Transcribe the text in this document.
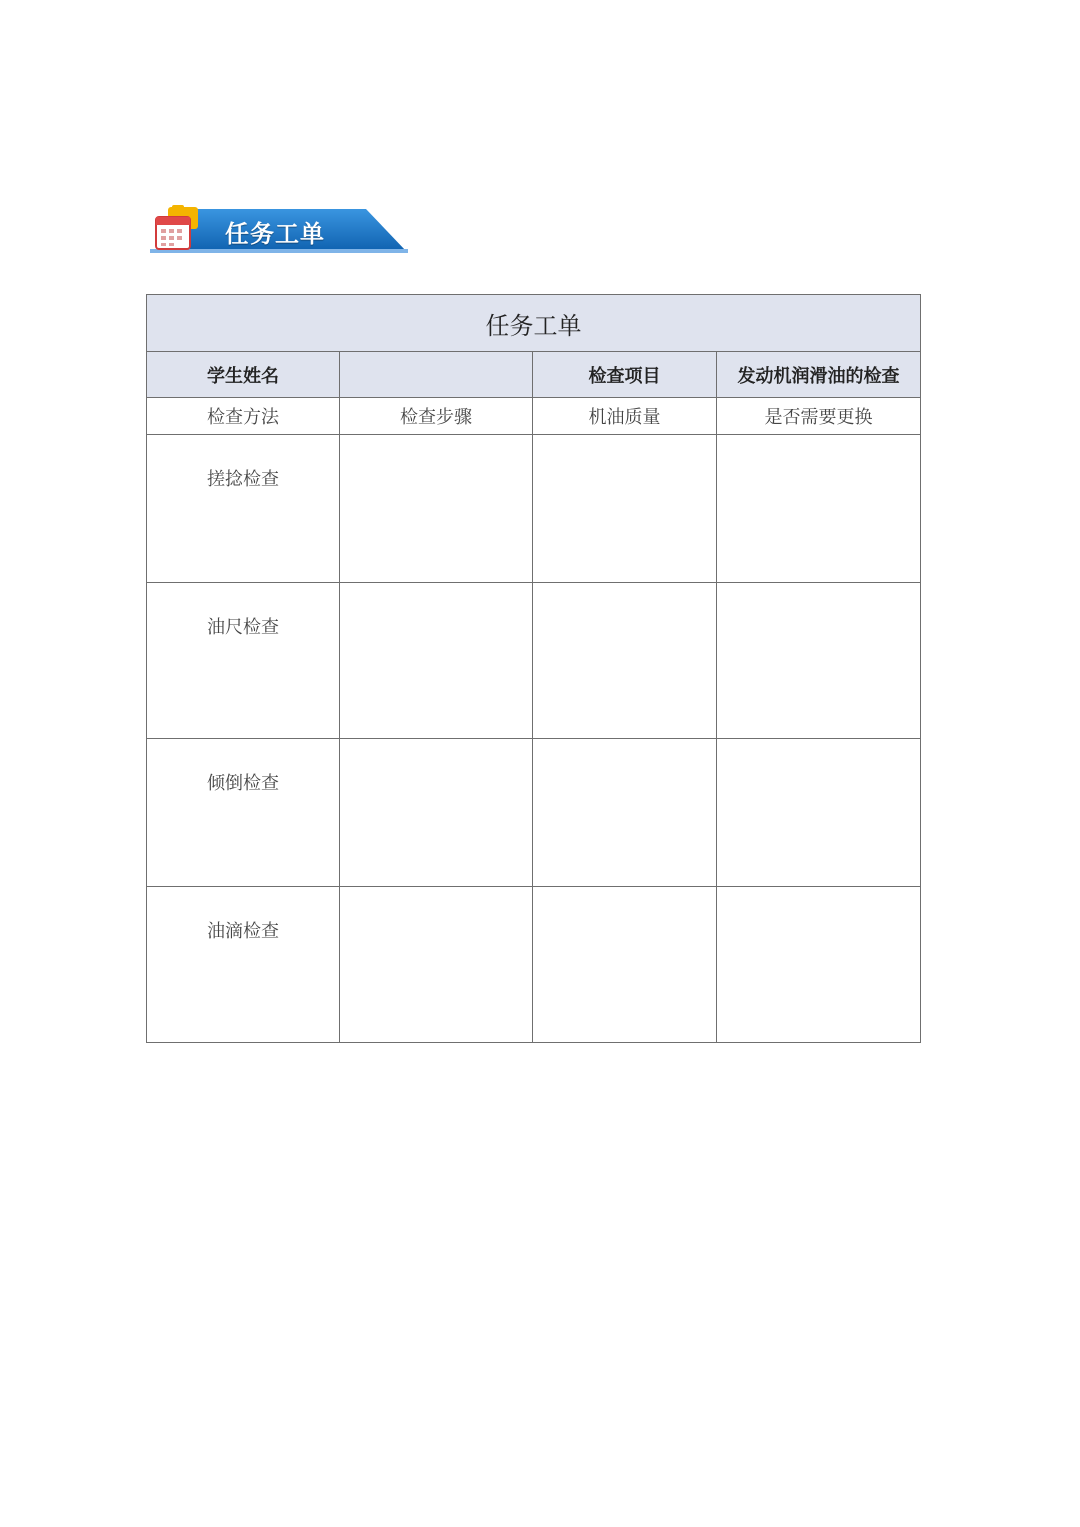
任务工单
任务工单			
学生姓名		检查项目	发动机润滑油的检查
检查方法	检查步骤	机油质量	是否需要更换
搓捻检查			
油尺检查			
倾倒检查			
油滴检查			
